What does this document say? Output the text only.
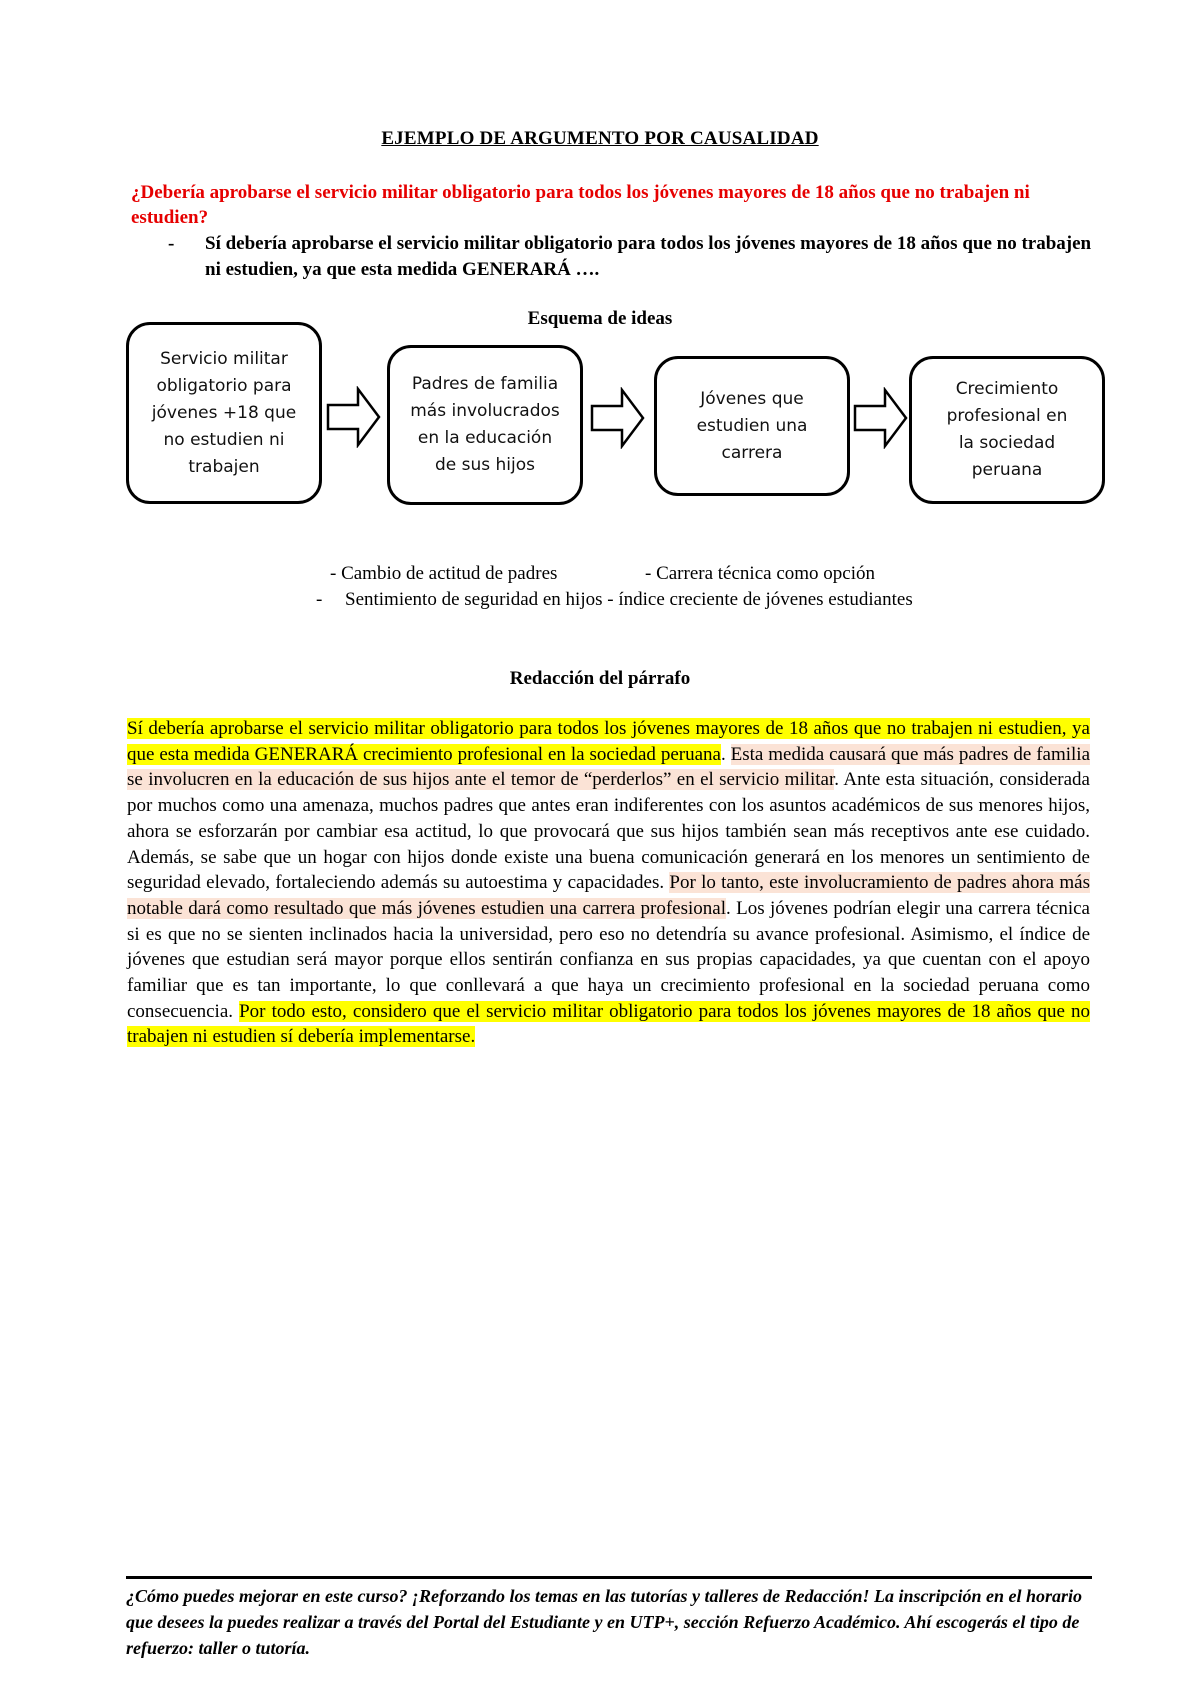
EJEMPLO DE ARGUMENTO POR CAUSALIDAD
¿Debería aprobarse el servicio militar obligatorio para todos los jóvenes mayores de 18 años que no trabajen ni estudien?
- Sí debería aprobarse el servicio militar obligatorio para todos los jóvenes mayores de 18 años que no trabajen ni estudien, ya que esta medida GENERARÁ ….
Esquema de ideas
Servicio militar obligatorio para jóvenes +18 que no estudien ni trabajen
Padres de familia más involucrados en la educación de sus hijos
Jóvenes que estudien una carrera
Crecimiento profesional en la sociedad peruana
- Cambio de actitud de padres	- Carrera técnica como opción
- Sentimiento de seguridad en hijos - índice creciente de jóvenes estudiantes
Redacción del párrafo
Sí debería aprobarse el servicio militar obligatorio para todos los jóvenes mayores de 18 años que no trabajen ni estudien, ya que esta medida GENERARÁ crecimiento profesional en la sociedad peruana. Esta medida causará que más padres de familia se involucren en la educación de sus hijos ante el temor de “perderlos” en el servicio militar. Ante esta situación, considerada por muchos como una amenaza, muchos padres que antes eran indiferentes con los asuntos académicos de sus menores hijos, ahora se esforzarán por cambiar esa actitud, lo que provocará que sus hijos también sean más receptivos ante ese cuidado. Además, se sabe que un hogar con hijos donde existe una buena comunicación generará en los menores un sentimiento de seguridad elevado, fortaleciendo además su autoestima y capacidades. Por lo tanto, este involucramiento de padres ahora más notable dará como resultado que más jóvenes estudien una carrera profesional. Los jóvenes podrían elegir una carrera técnica si es que no se sienten inclinados hacia la universidad, pero eso no detendría su avance profesional. Asimismo, el índice de jóvenes que estudian será mayor porque ellos sentirán confianza en sus propias capacidades, ya que cuentan con el apoyo familiar que es tan importante, lo que conllevará a que haya un crecimiento profesional en la sociedad peruana como consecuencia. Por todo esto, considero que el servicio militar obligatorio para todos los jóvenes mayores de 18 años que no trabajen ni estudien sí debería implementarse.
¿Cómo puedes mejorar en este curso? ¡Reforzando los temas en las tutorías y talleres de Redacción! La inscripción en el horario que desees la puedes realizar a través del Portal del Estudiante y en UTP+, sección Refuerzo Académico. Ahí escogerás el tipo de refuerzo: taller o tutoría.
